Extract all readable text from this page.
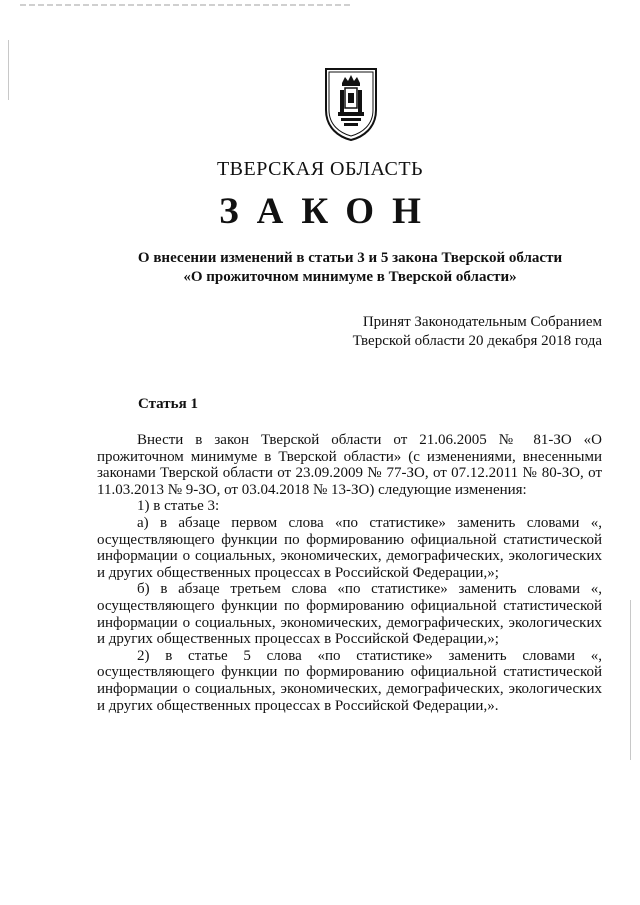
ТВЕРСКАЯ ОБЛАСТЬ
ЗАКОН
О внесении изменений в статьи 3 и 5 закона Тверской области
«О прожиточном минимуме в Тверской области»
Принят Законодательным Собранием
Тверской области 20 декабря 2018 года
Статья 1

Внести в закон Тверской области от 21.06.2005 № 81-ЗО «О прожиточном минимуме в Тверской области» (с изменениями, внесенными законами Тверской области от 23.09.2009 № 77-ЗО, от 07.12.2011 № 80-ЗО, от 11.03.2013 № 9-ЗО, от 03.04.2018 № 13-ЗО) следующие изменения:

1) в статье 3:

а) в абзаце первом слова «по статистике» заменить словами «, осуществляющего функции по формированию официальной статистической информации о социальных, экономических, демографических, экологических и других общественных процессах в Российской Федерации,»;

б) в абзаце третьем слова «по статистике» заменить словами «, осуществляющего функции по формированию официальной статистической информации о социальных, экономических, демографических, экологических и других общественных процессах в Российской Федерации,»;

2) в статье 5 слова «по статистике» заменить словами «, осуществляющего функции по формированию официальной статистической информации о социальных, экономических, демографических, экологических и других общественных процессах в Российской Федерации,».
